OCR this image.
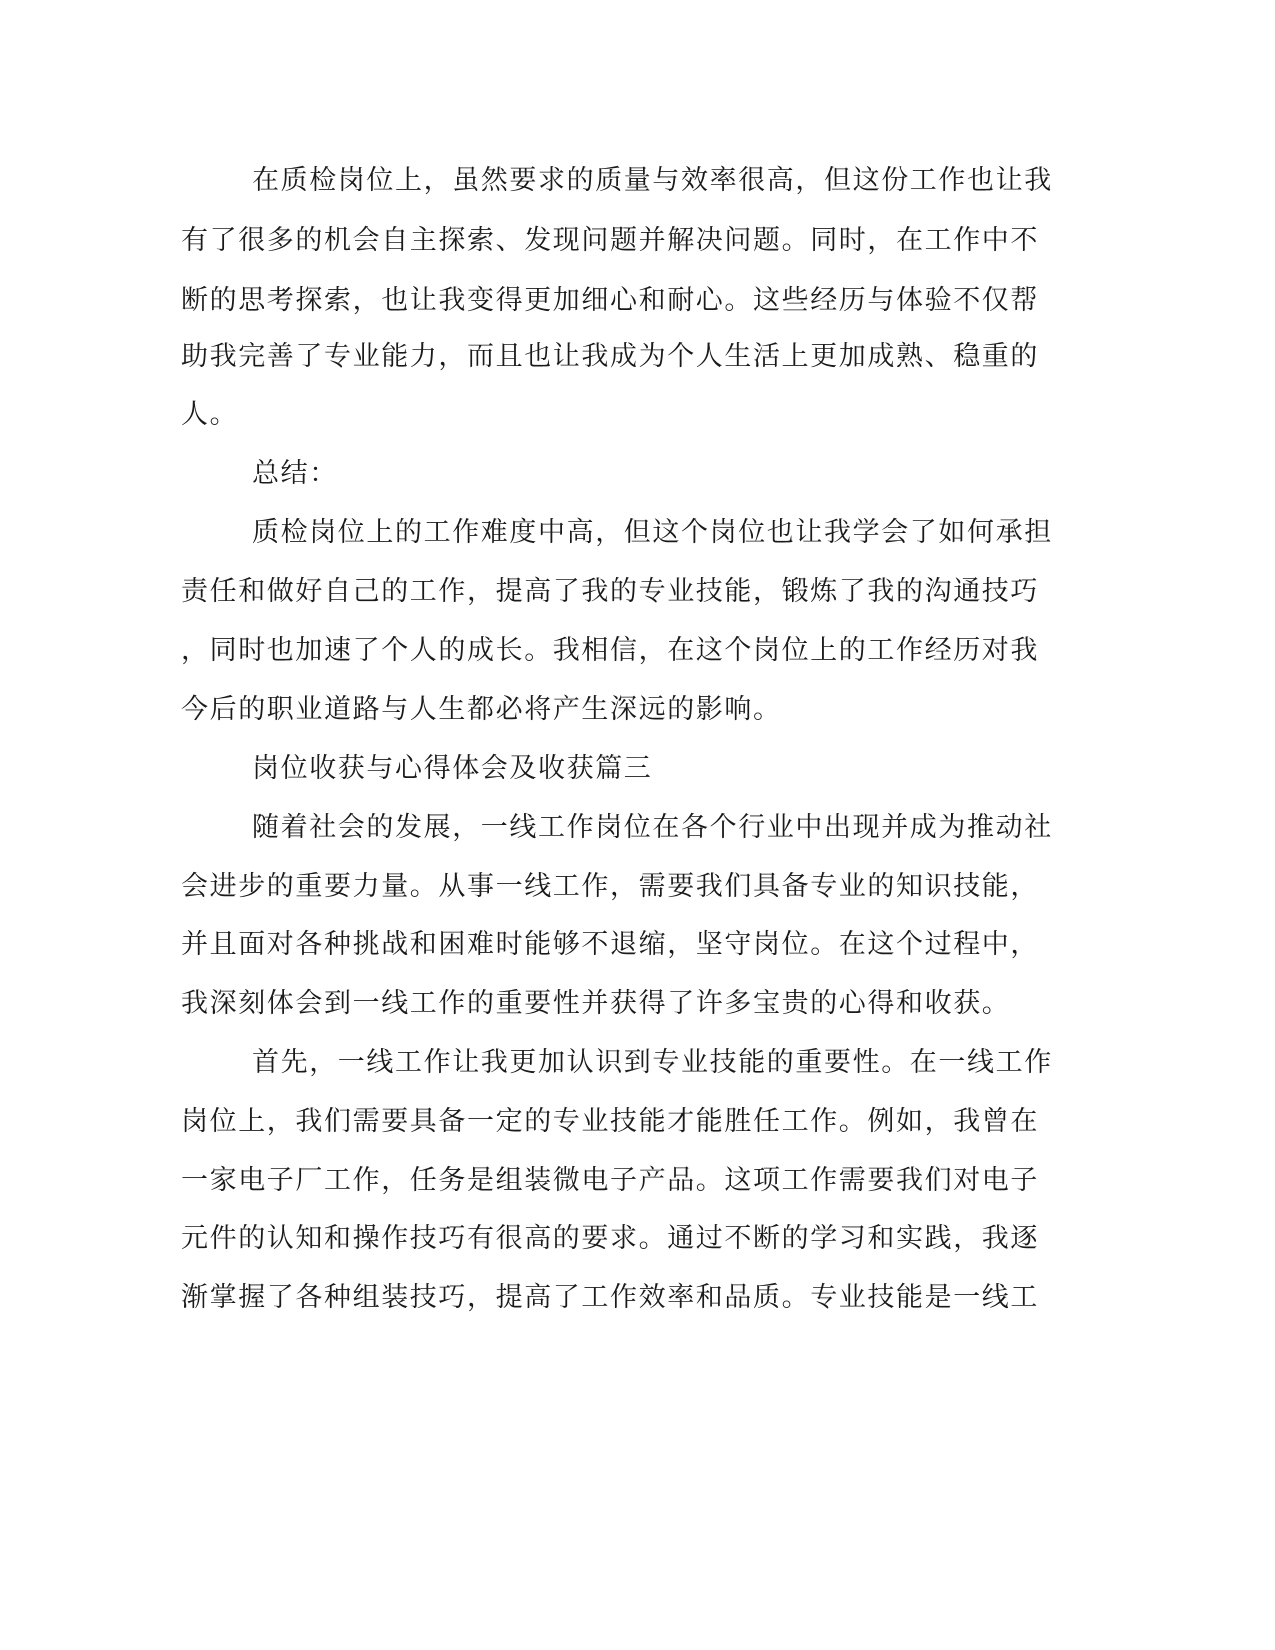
在质检岗位上，虽然要求的质量与效率很高，但这份工作也让我

有了很多的机会自主探索、发现问题并解决问题。同时，在工作中不

断的思考探索，也让我变得更加细心和耐心。这些经历与体验不仅帮

助我完善了专业能力，而且也让我成为个人生活上更加成熟、稳重的

人。

总结：

质检岗位上的工作难度中高，但这个岗位也让我学会了如何承担

责任和做好自己的工作，提高了我的专业技能，锻炼了我的沟通技巧

，同时也加速了个人的成长。我相信，在这个岗位上的工作经历对我

今后的职业道路与人生都必将产生深远的影响。

岗位收获与心得体会及收获篇三

随着社会的发展，一线工作岗位在各个行业中出现并成为推动社

会进步的重要力量。从事一线工作，需要我们具备专业的知识技能，

并且面对各种挑战和困难时能够不退缩，坚守岗位。在这个过程中，

我深刻体会到一线工作的重要性并获得了许多宝贵的心得和收获。

首先，一线工作让我更加认识到专业技能的重要性。在一线工作

岗位上，我们需要具备一定的专业技能才能胜任工作。例如，我曾在

一家电子厂工作，任务是组装微电子产品。这项工作需要我们对电子

元件的认知和操作技巧有很高的要求。通过不断的学习和实践，我逐

渐掌握了各种组装技巧，提高了工作效率和品质。专业技能是一线工
